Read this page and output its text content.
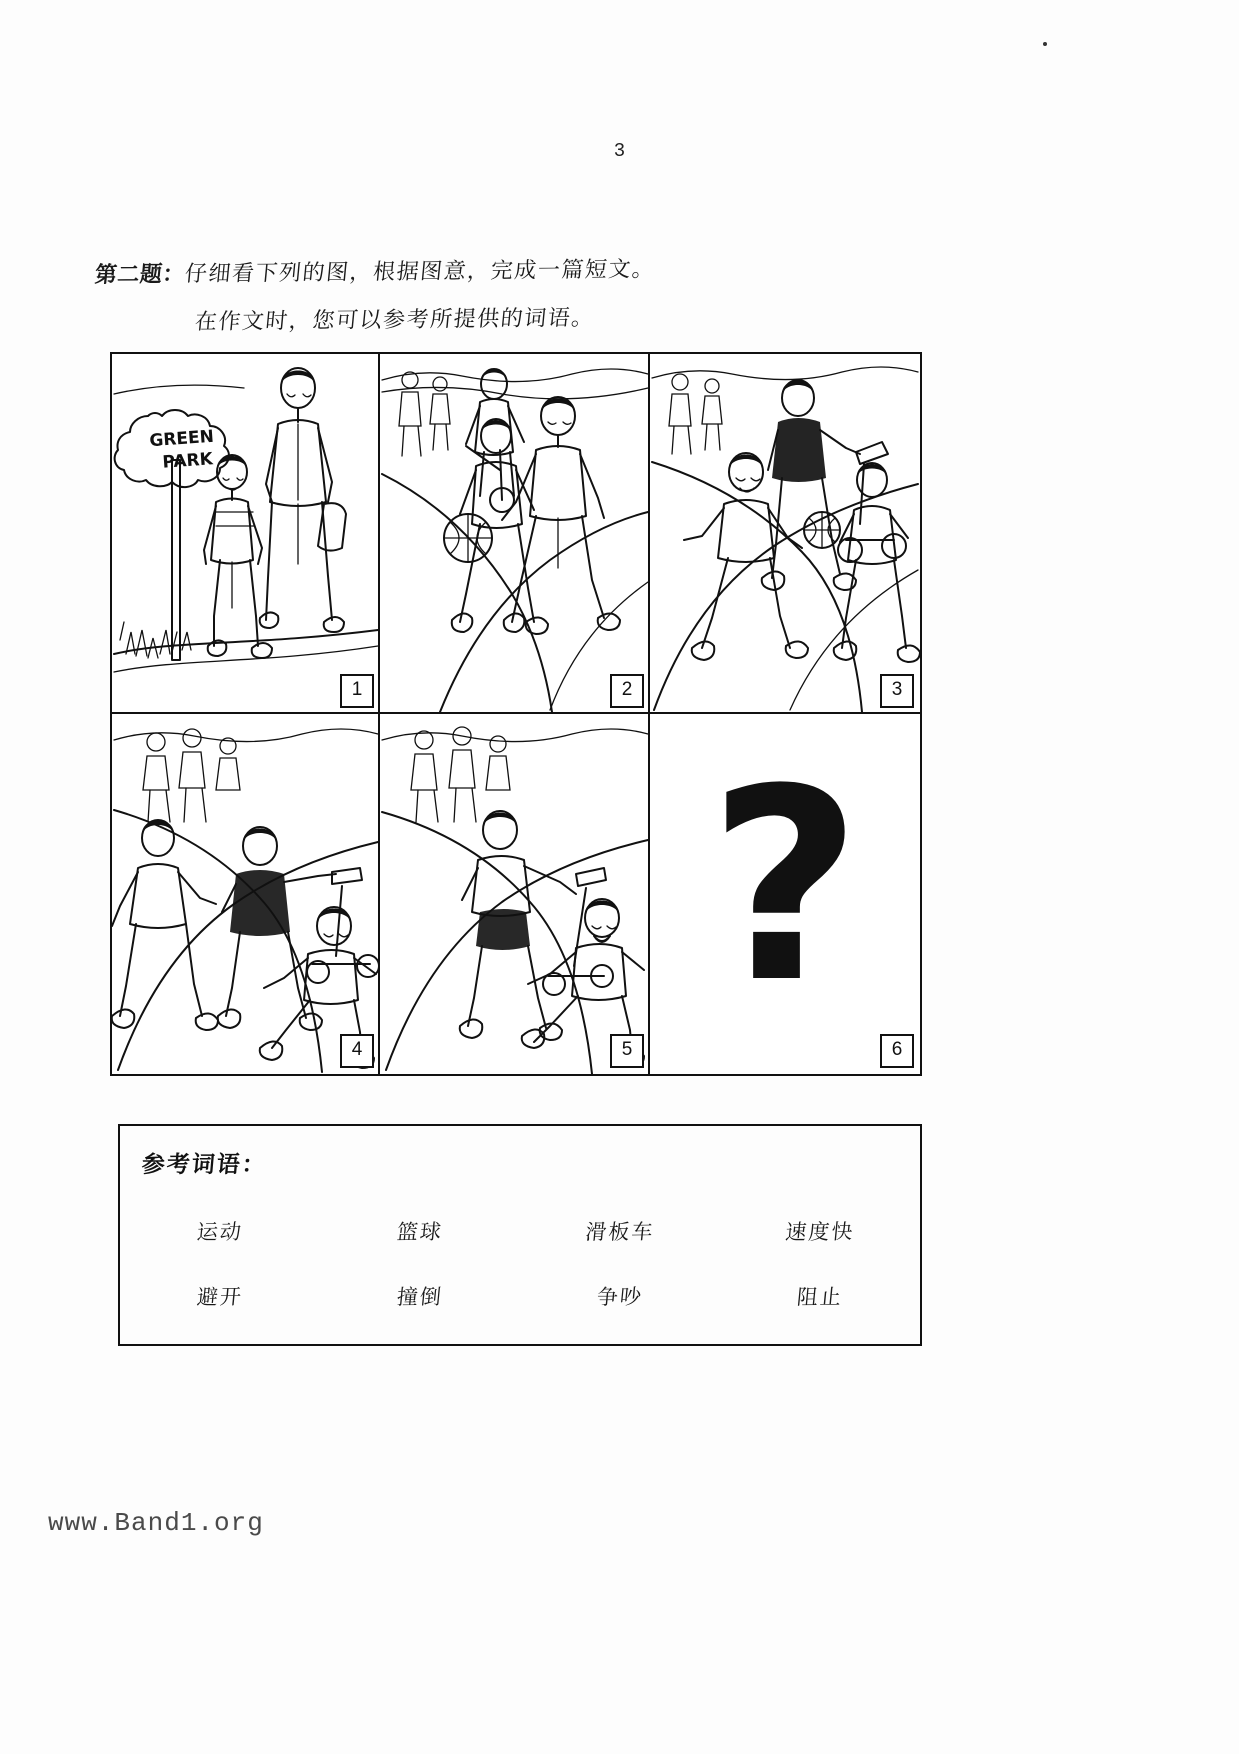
3
第二题：仔细看下列的图，根据图意，完成一篇短文。
在作文时，您可以参考所提供的词语。
GREEN
PARK
1	2	3
4	5
?
6
参考词语：
运动	篮球	滑板车	速度快
避开	撞倒	争吵	阻止
www.Band1.org
